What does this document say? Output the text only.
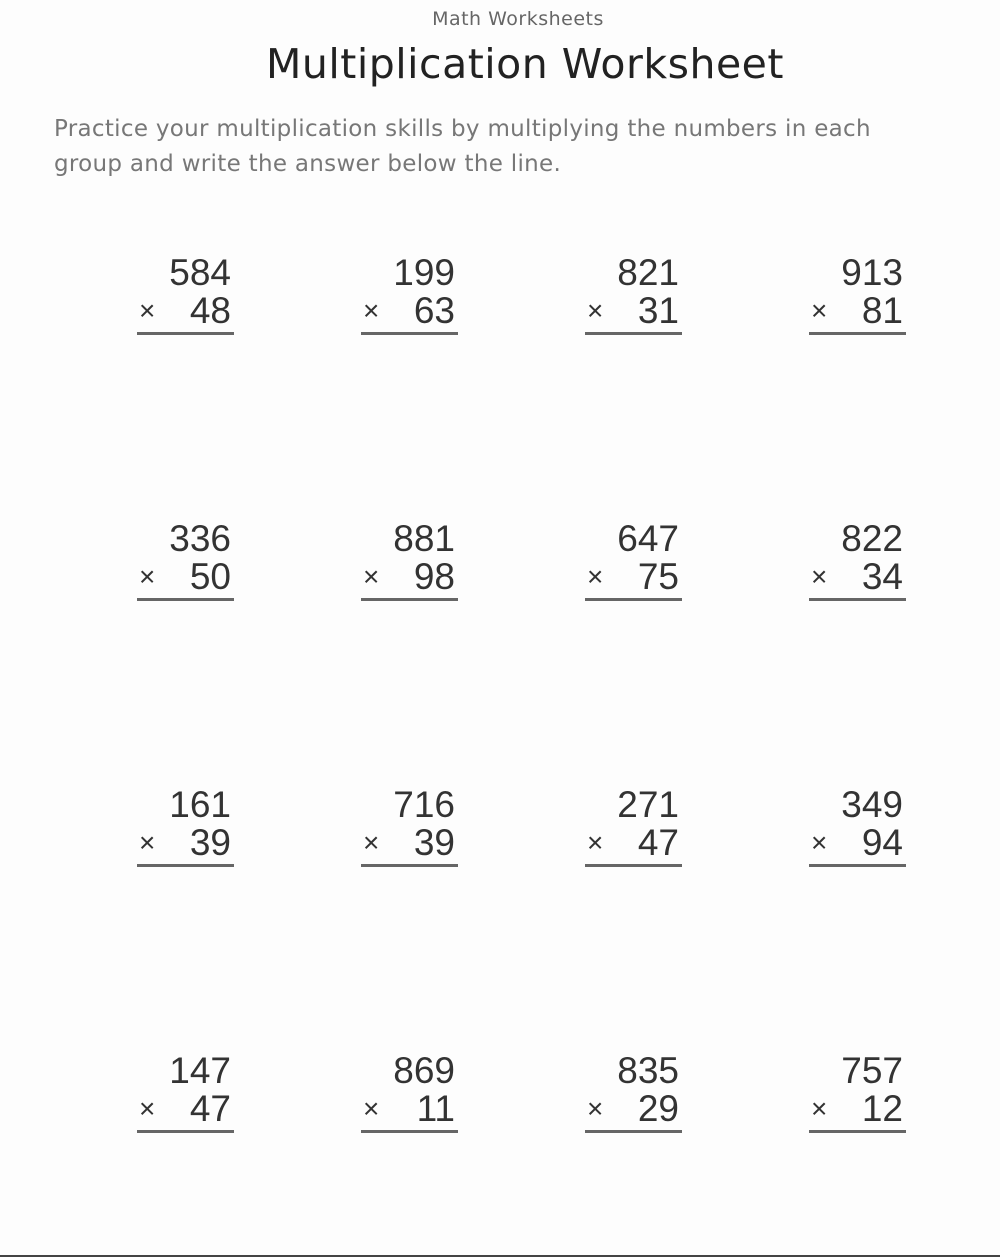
Math Worksheets
Multiplication Worksheet
Practice your multiplication skills by multiplying the numbers in each group and write the answer below the line.
584
× 48
199
× 63
821
× 31
913
× 81
336
× 50
881
× 98
647
× 75
822
× 34
161
× 39
716
× 39
271
× 47
349
× 94
147
× 47
869
× 11
835
× 29
757
× 12
